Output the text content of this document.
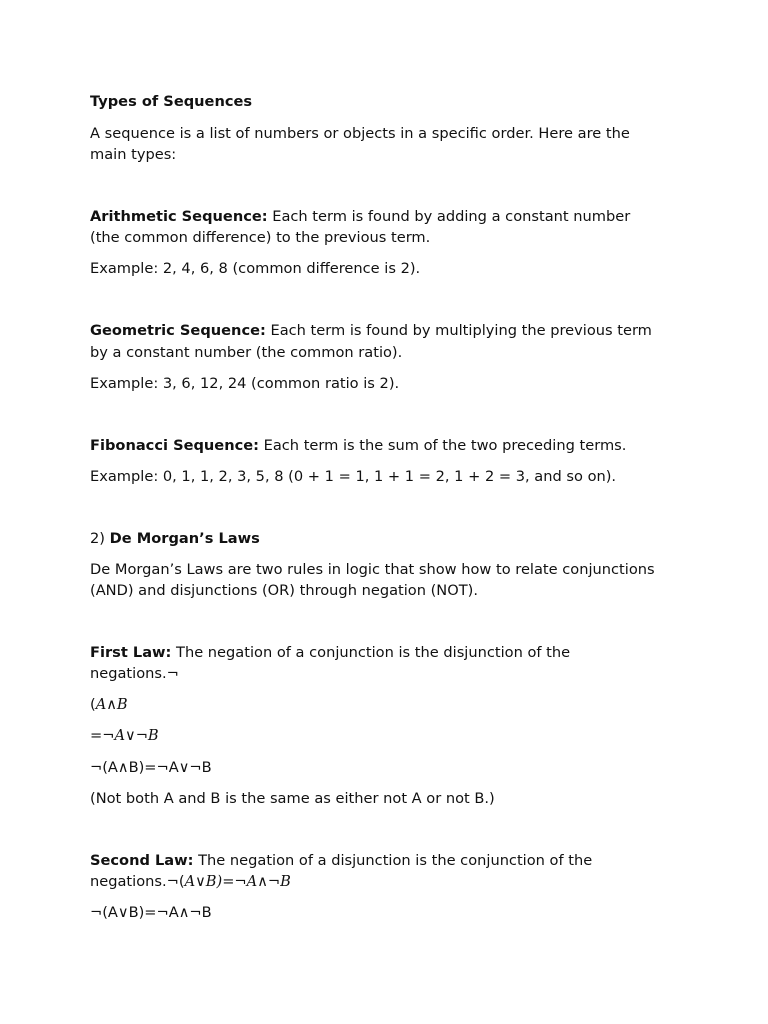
Types of Sequences
A sequence is a list of numbers or objects in a specific order. Here are the
main types:
Arithmetic Sequence: Each term is found by adding a constant number
(the common difference) to the previous term.
Example: 2, 4, 6, 8 (common difference is 2).
Geometric Sequence: Each term is found by multiplying the previous term
by a constant number (the common ratio).
Example: 3, 6, 12, 24 (common ratio is 2).
Fibonacci Sequence: Each term is the sum of the two preceding terms.
Example: 0, 1, 1, 2, 3, 5, 8 (0 + 1 = 1, 1 + 1 = 2, 1 + 2 = 3, and so on).
2) De Morgan’s Laws
De Morgan’s Laws are two rules in logic that show how to relate conjunctions
(AND) and disjunctions (OR) through negation (NOT).
First Law: The negation of a conjunction is the disjunction of the
negations.¬
(A∧B
=¬A∨¬B
¬(A∧B)=¬A∨¬B
(Not both A and B is the same as either not A or not B.)
Second Law: The negation of a disjunction is the conjunction of the
negations.¬(A∨B)=¬A∧¬B
¬(A∨B)=¬A∧¬B
